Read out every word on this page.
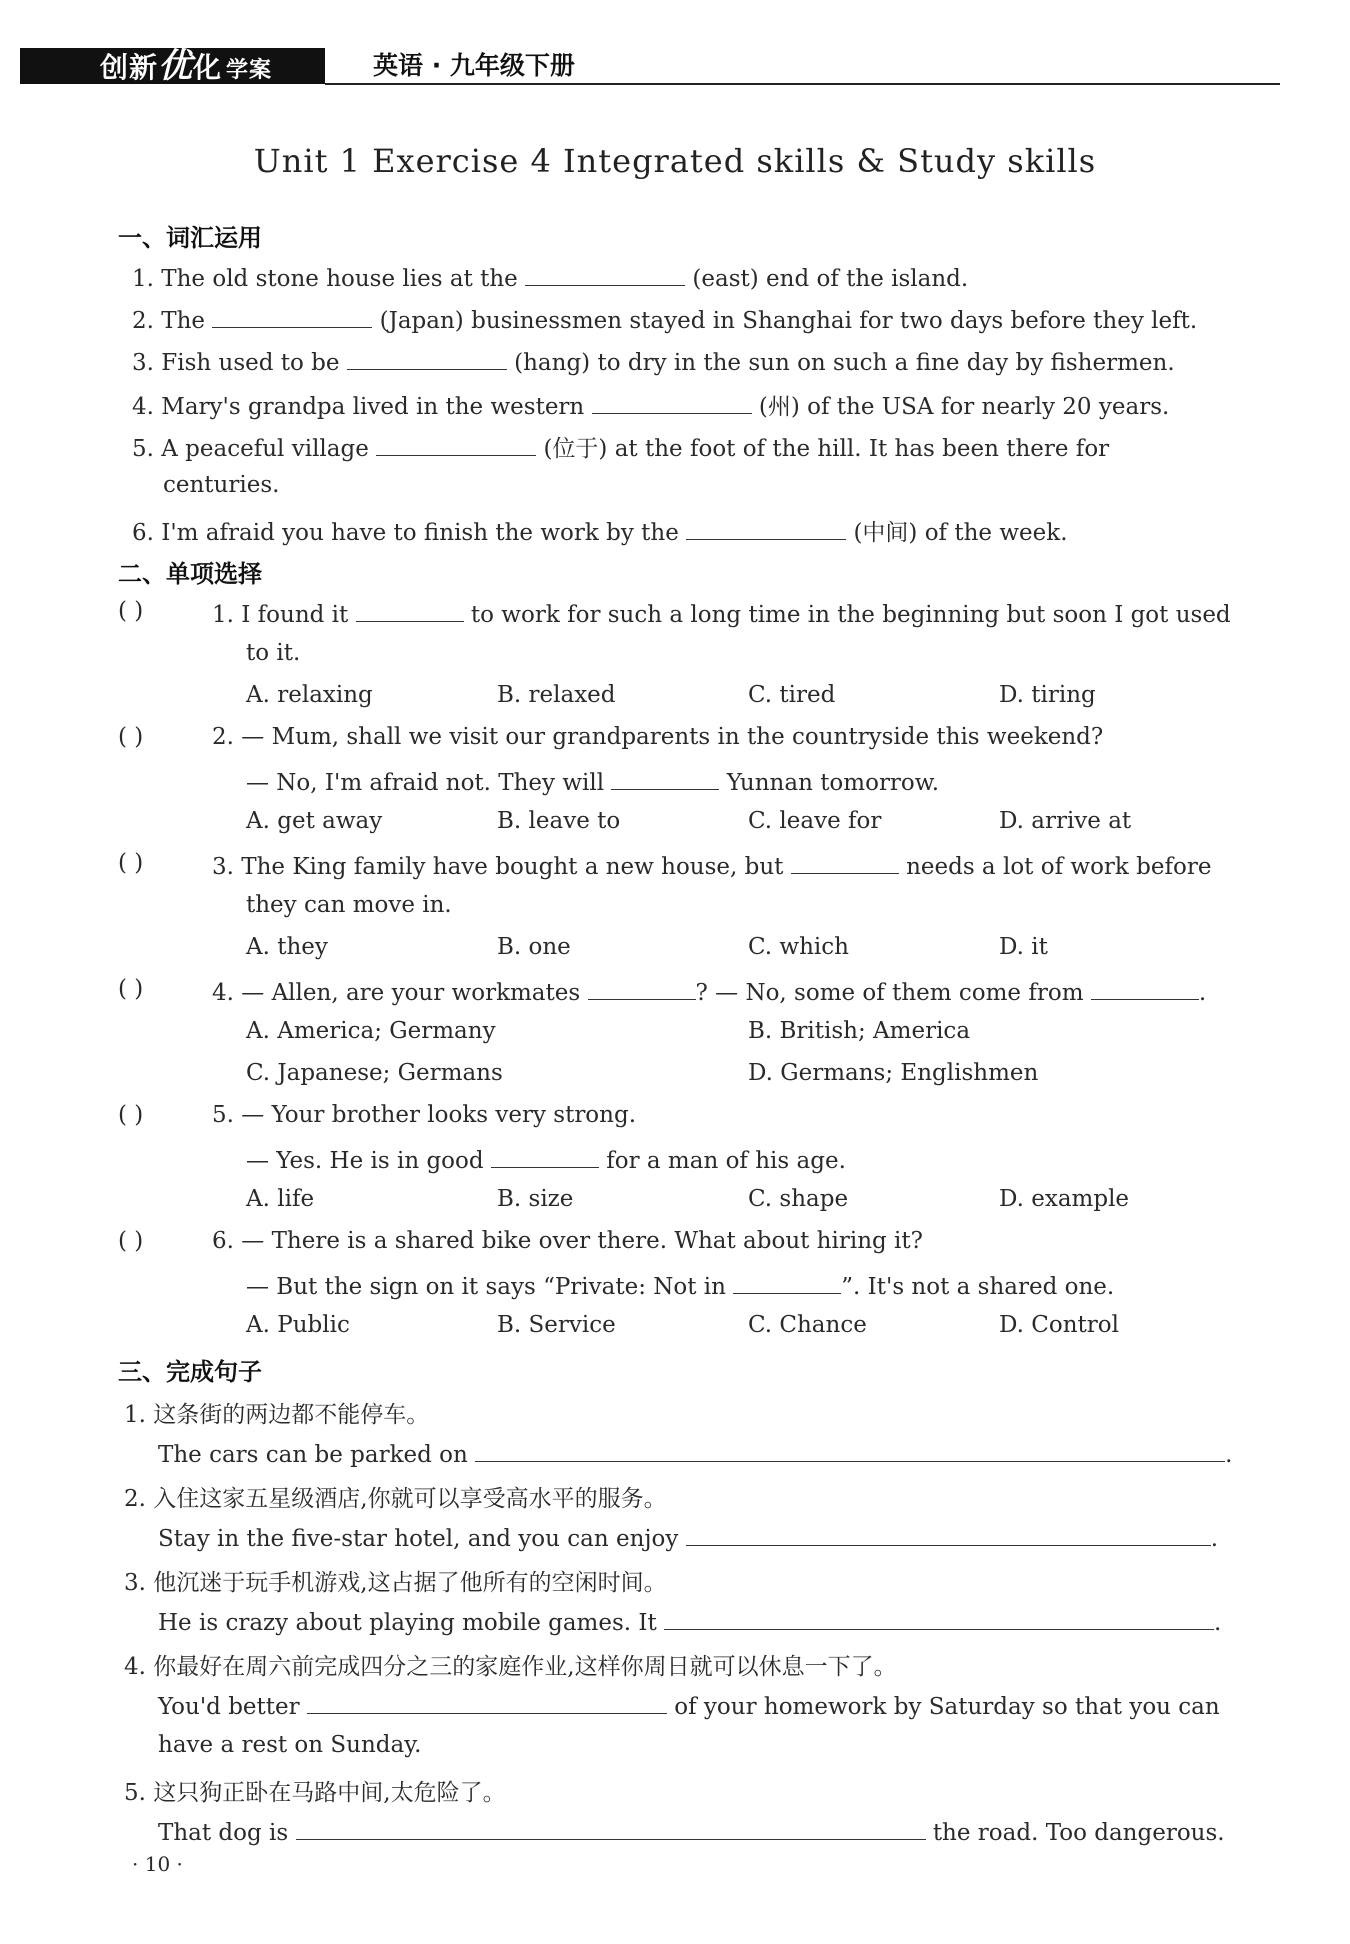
创新优化 学案	英语 · 九年级下册
Unit 1 Exercise 4 Integrated skills & Study skills
一、词汇运用
1. The old stone house lies at the	(east) end of the island.
2. The	(Japan) businessmen stayed in Shanghai for two days before they left.
3. Fish used to be	(hang) to dry in the sun on such a fine day by fishermen.
4. Mary's grandpa lived in the western	(州) of the USA for nearly 20 years.
5. A peaceful village	(位于) at the foot of the hill. It has been there for
centuries.
6. I'm afraid you have to finish the work by the	(中间) of the week.
二、单项选择
( )	1. I found it	to work for such a long time in the beginning but soon I got used
to it.
A. relaxing	B. relaxed	C. tired	D. tiring
( )	2. — Mum, shall we visit our grandparents in the countryside this weekend?
— No, I'm afraid not. They will	Yunnan tomorrow.
A. get away	B. leave to	C. leave for	D. arrive at
( )	3. The King family have bought a new house, but	needs a lot of work before
they can move in.
A. they	B. one	C. which	D. it
( )	4. — Allen, are your workmates	? — No, some of them come from	.
A. America; Germany	B. British; America
C. Japanese; Germans	D. Germans; Englishmen
( )	5. — Your brother looks very strong.
— Yes. He is in good	for a man of his age.
A. life	B. size	C. shape	D. example
( )	6. — There is a shared bike over there. What about hiring it?
— But the sign on it says “Private: Not in	”. It's not a shared one.
A. Public	B. Service	C. Chance	D. Control
三、完成句子
1. 这条街的两边都不能停车。
The cars can be parked on	.
2. 入住这家五星级酒店,你就可以享受高水平的服务。
Stay in the five-star hotel, and you can enjoy	.
3. 他沉迷于玩手机游戏,这占据了他所有的空闲时间。
He is crazy about playing mobile games. It	.
4. 你最好在周六前完成四分之三的家庭作业,这样你周日就可以休息一下了。
You'd better	of your homework by Saturday so that you can
have a rest on Sunday.
5. 这只狗正卧在马路中间,太危险了。
That dog is	the road. Too dangerous.
· 10 ·
